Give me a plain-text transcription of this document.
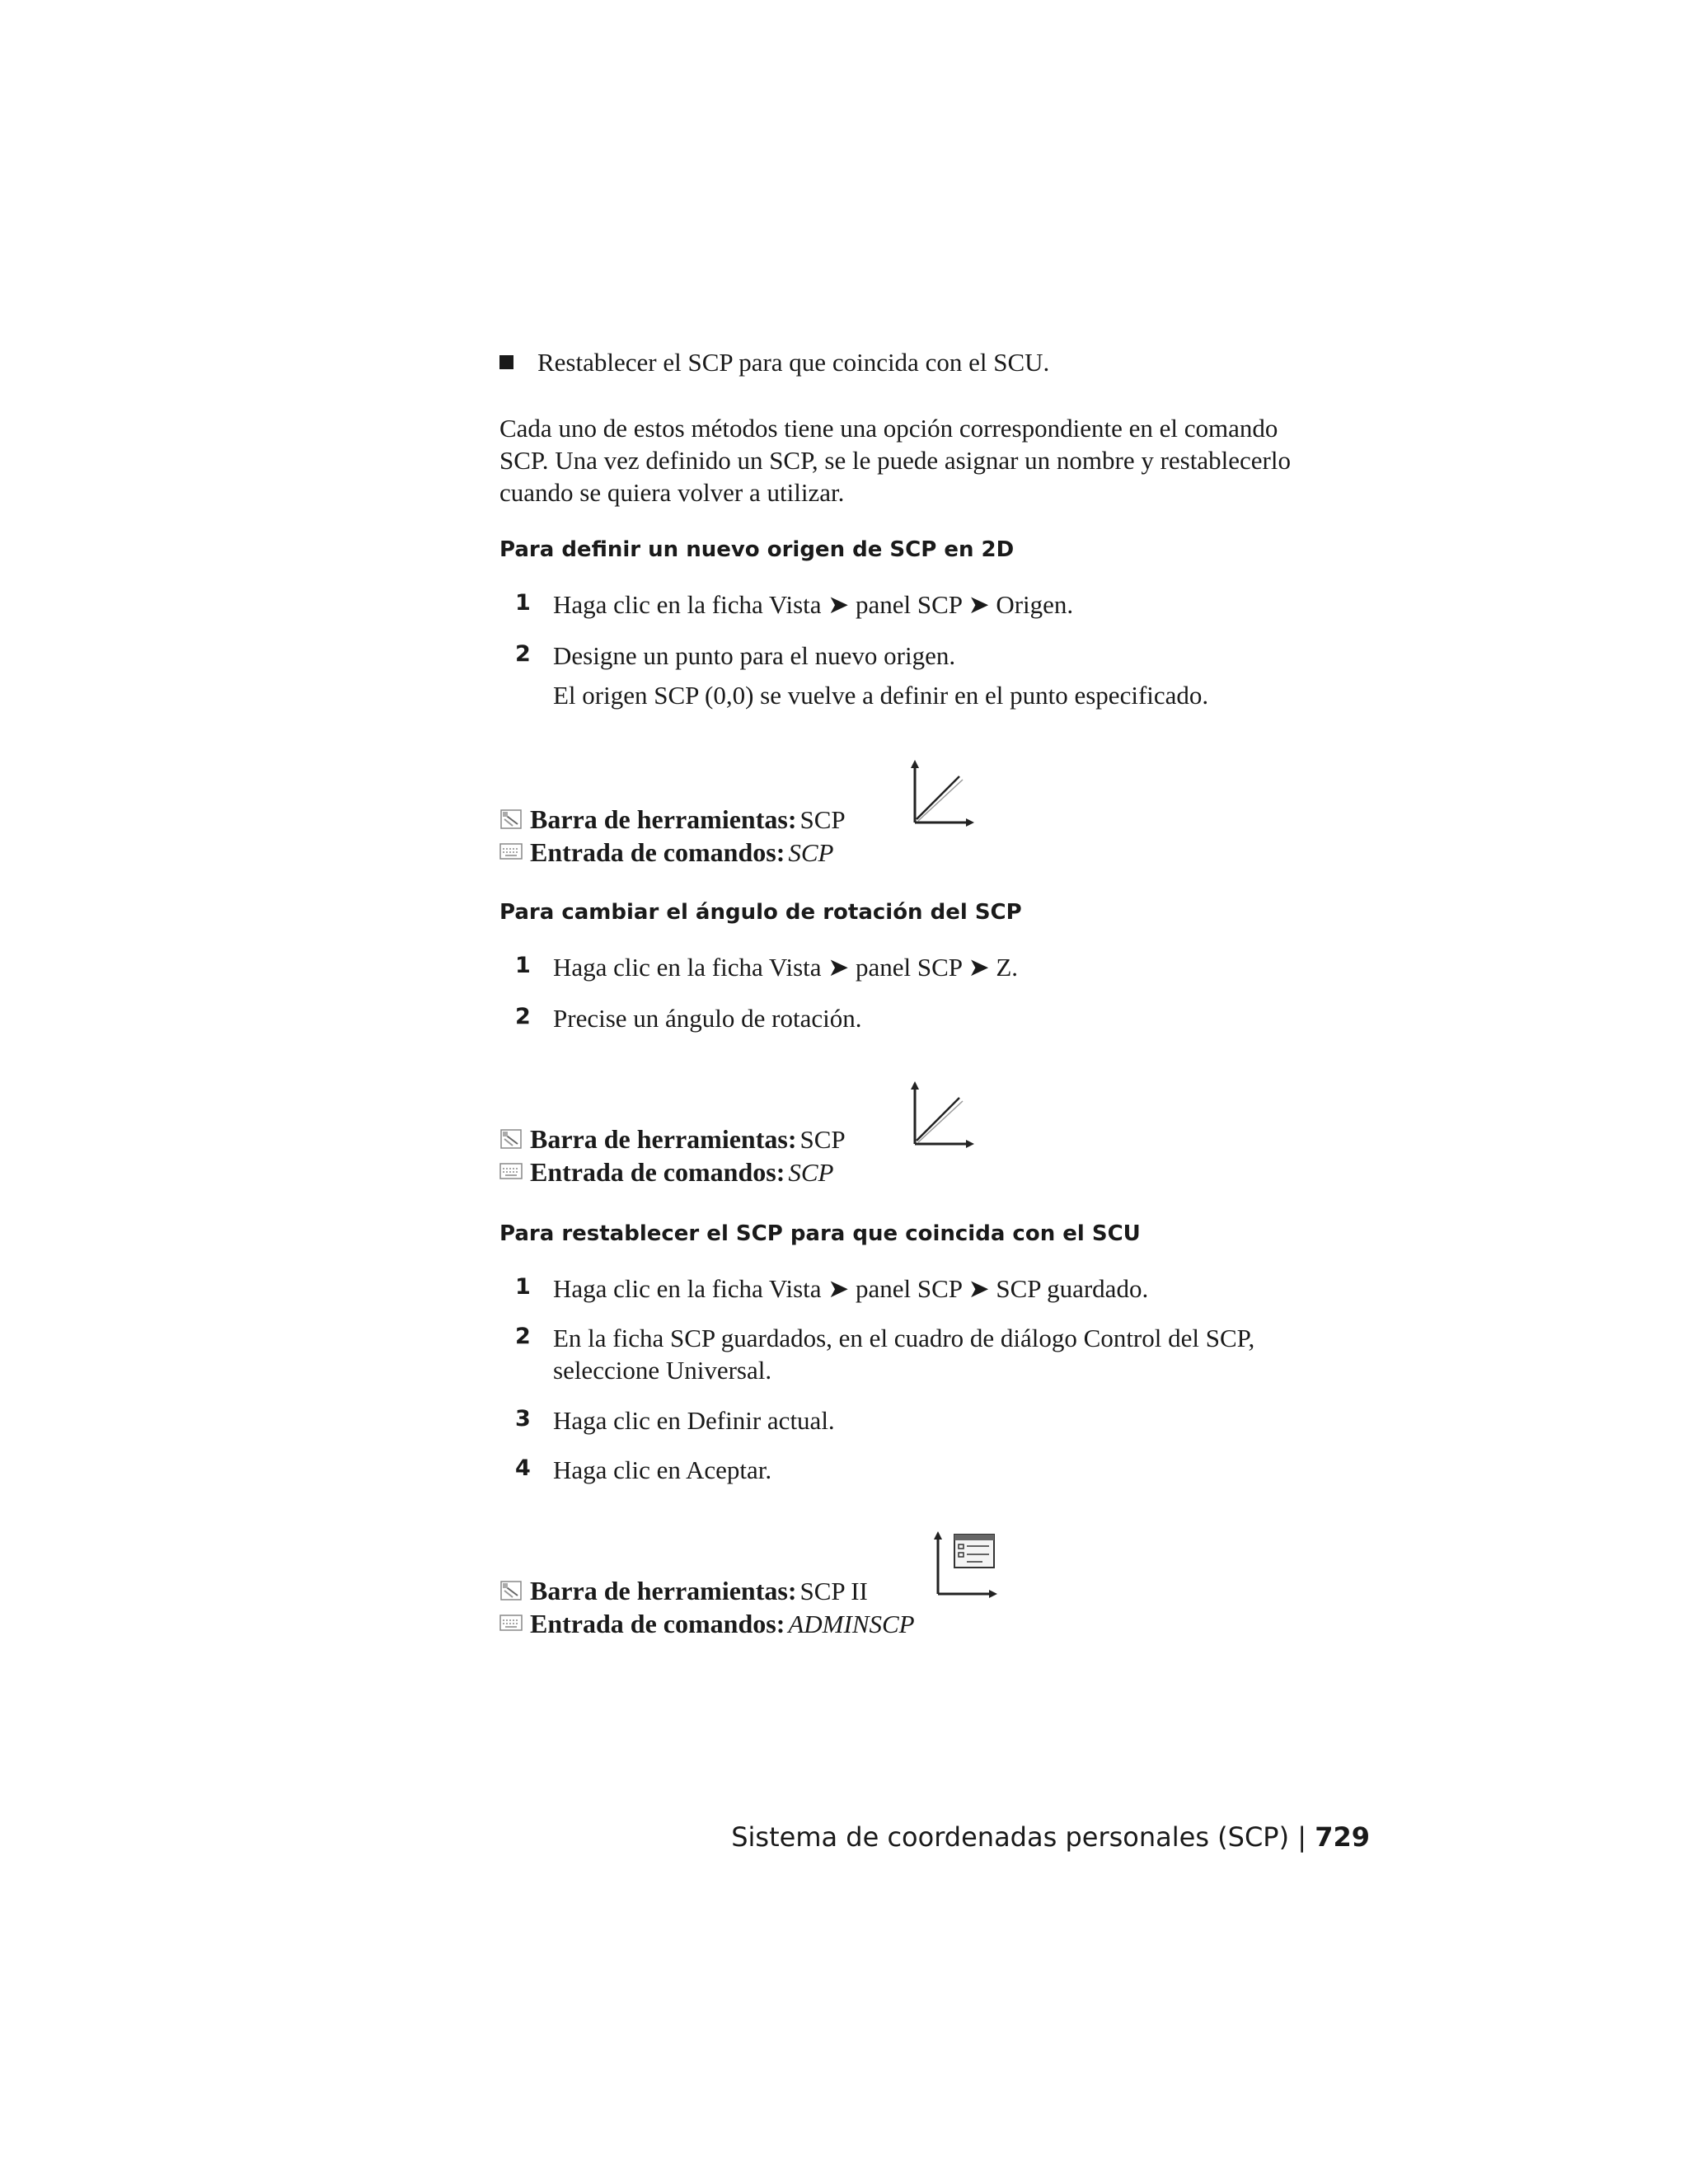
Restablecer el SCP para que coincida con el SCU.
Cada uno de estos métodos tiene una opción correspondiente en el comando
SCP. Una vez definido un SCP, se le puede asignar un nombre y restablecerlo
cuando se quiera volver a utilizar.
Para definir un nuevo origen de SCP en 2D
1 Haga clic en la ficha Vista ➤ panel SCP ➤ Origen.
2 Designe un punto para el nuevo origen.
El origen SCP (0,0) se vuelve a definir en el punto especificado.
Barra de herramientas: SCP
Entrada de comandos: SCP
Para cambiar el ángulo de rotación del SCP
1 Haga clic en la ficha Vista ➤ panel SCP ➤ Z.
2 Precise un ángulo de rotación.
Barra de herramientas: SCP
Entrada de comandos: SCP
Para restablecer el SCP para que coincida con el SCU
1 Haga clic en la ficha Vista ➤ panel SCP ➤ SCP guardado.
2 En la ficha SCP guardados, en el cuadro de diálogo Control del SCP,
seleccione Universal.
3 Haga clic en Definir actual.
4 Haga clic en Aceptar.
Barra de herramientas: SCP II
Entrada de comandos: ADMINSCP
Sistema de coordenadas personales (SCP) | 729
